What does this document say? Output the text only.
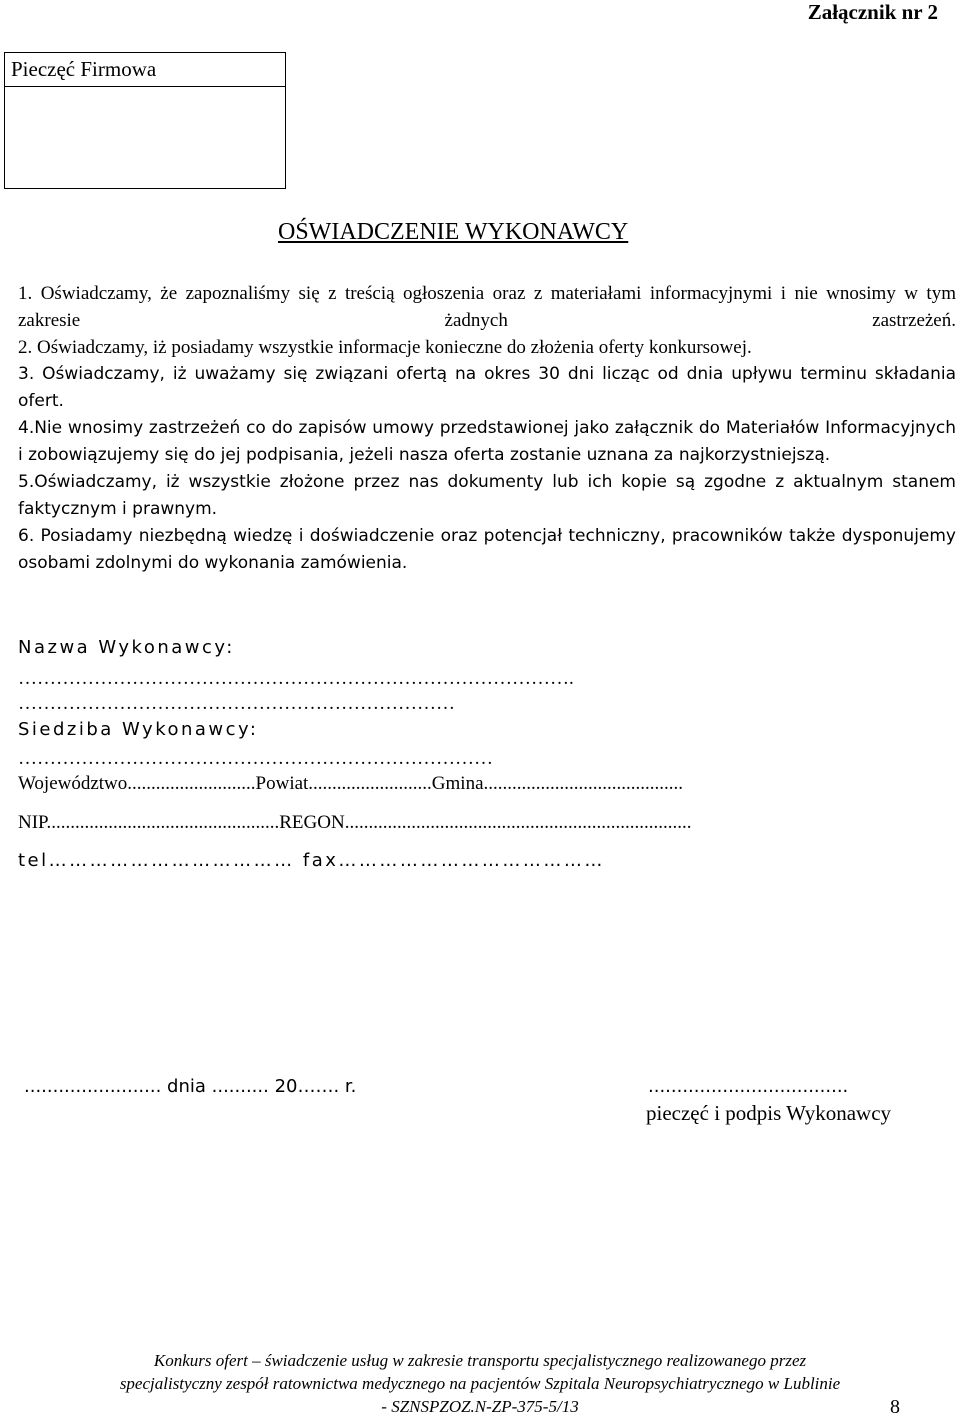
Załącznik nr 2
Pieczęć Firmowa
OŚWIADCZENIE WYKONAWCY

1. Oświadczamy, że zapoznaliśmy się z treścią ogłoszenia oraz z materiałami informacyjnymi i nie wnosimy w tym zakresie żadnych zastrzeżeń.

2. Oświadczamy, iż posiadamy wszystkie informacje konieczne do złożenia oferty konkursowej.

3. Oświadczamy, iż uważamy się związani ofertą na okres 30 dni licząc od dnia upływu terminu składania ofert.

4.Nie wnosimy zastrzeżeń co do zapisów umowy przedstawionej jako załącznik do Materiałów Informacyjnych i zobowiązujemy się do jej podpisania, jeżeli nasza oferta zostanie uznana za najkorzystniejszą.

5.Oświadczamy, iż wszystkie złożone przez nas dokumenty lub ich kopie są zgodne z aktualnym stanem faktycznym i prawnym.

6. Posiadamy niezbędną wiedzę i doświadczenie oraz potencjał techniczny, pracowników także dysponujemy osobami zdolnymi do wykonania zamówienia.

Nazwa Wykonawcy:
…………………………………………………………………………….
……………………………………………………………
Siedziba Wykonawcy:
…………………………………………………………………
Województwo...........................Powiat..........................Gmina..........................................
NIP.................................................REGON.........................................................................
tel……………………………… fax…………………………………
........................ dnia .......... 20……. r.	...................................
pieczęć i podpis Wykonawcy
Konkurs ofert – świadczenie usług w zakresie transportu specjalistycznego realizowanego przez
specjalistyczny zespół ratownictwa medycznego na pacjentów Szpitala Neuropsychiatrycznego w Lublinie
- SZNSPZOZ.N-ZP-375-5/13	8
